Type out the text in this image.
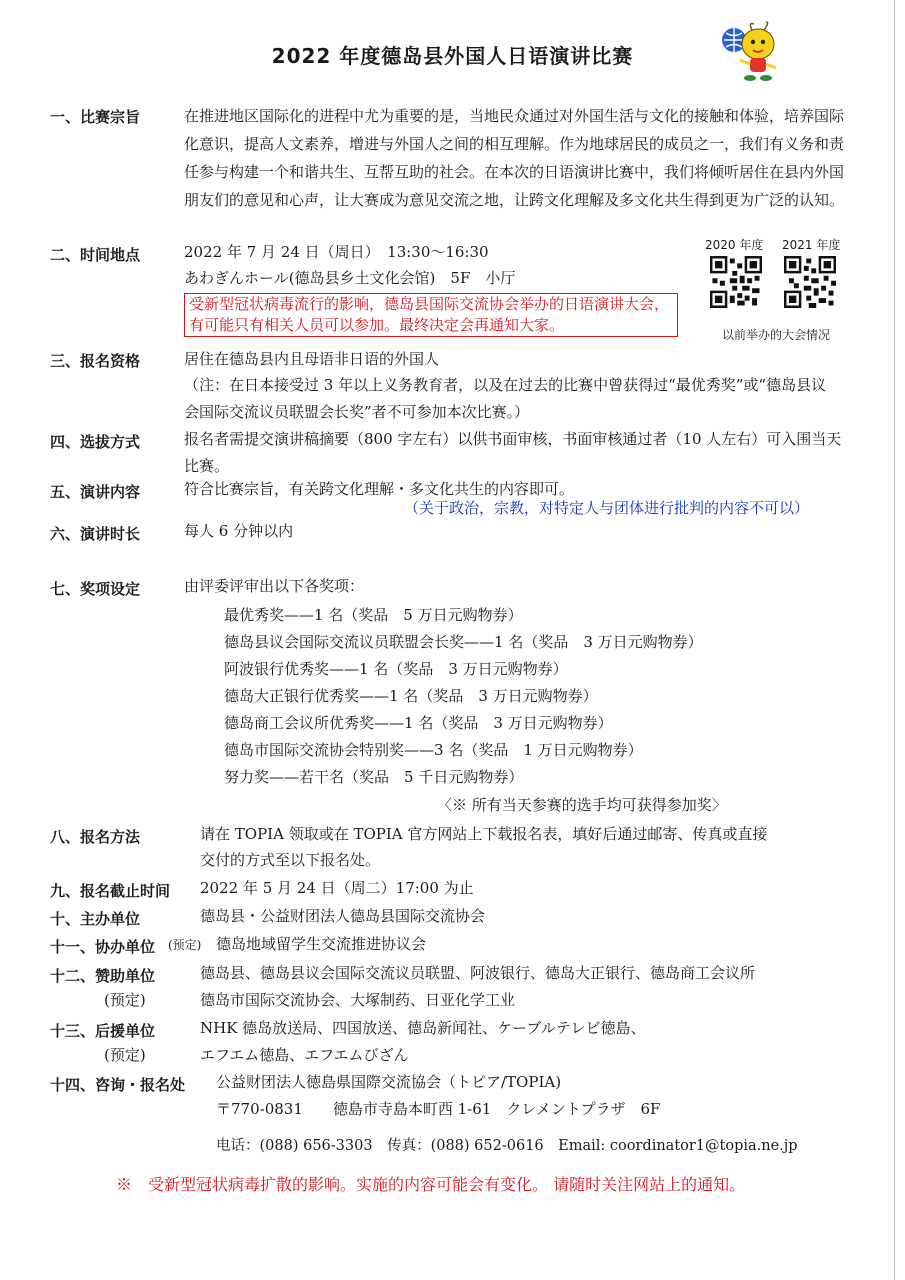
2022 年度德岛县外国人日语演讲比赛
一、比赛宗旨	在推进地区国际化的进程中尤为重要的是，当地民众通过对外国生活与文化的接触和体验，培养国际化意识，提高人文素养，增进与外国人之间的相互理解。作为地球居民的成员之一，我们有义务和责任参与构建一个和谐共生、互帮互助的社会。在本次的日语演讲比赛中，我们将倾听居住在县内外国朋友们的意见和心声，让大赛成为意见交流之地，让跨文化理解及多文化共生得到更为广泛的认知。
二、时间地点	2022 年 7 月 24 日（周日）　13:30～16:30
あわぎんホール(德岛县乡土文化会馆)　5F　小厅
受新型冠状病毒流行的影响，德岛县国际交流协会举办的日语演讲大会，有可能只有相关人员可以参加。最终决定会再通知大家。
2020 年度 2021 年度
以前举办的大会情况
三、报名资格	居住在德岛县内且母语非日语的外国人
（注：在日本接受过 3 年以上义务教育者，以及在过去的比赛中曾获得过“最优秀奖”或“德岛县议会国际交流议员联盟会长奖”者不可参加本次比赛。）
四、选拔方式	报名者需提交演讲稿摘要（800 字左右）以供书面审核，书面审核通过者（10 人左右）可入围当天比赛。
五、演讲内容	符合比赛宗旨，有关跨文化理解・多文化共生的内容即可。
（关于政治，宗教，对特定人与团体进行批判的内容不可以）
六、演讲时长	每人 6 分钟以内
七、奖项设定	由评委评审出以下各奖项：
最优秀奖——1 名（奖品　5 万日元购物券）
德岛县议会国际交流议员联盟会长奖——1 名（奖品　3 万日元购物券）
阿波银行优秀奖——1 名（奖品　3 万日元购物券）
德岛大正银行优秀奖——1 名（奖品　3 万日元购物券）
德岛商工会议所优秀奖——1 名（奖品　3 万日元购物券）
德岛市国际交流协会特别奖——3 名（奖品　1 万日元购物券）
努力奖——若干名（奖品　5 千日元购物券）
〈※ 所有当天参赛的选手均可获得参加奖〉
八、报名方法	请在 TOPIA 领取或在 TOPIA 官方网站上下载报名表，填好后通过邮寄、传真或直接
交付的方式至以下报名处。
九、报名截止时间 2022 年 5 月 24 日（周二）17:00 为止
十、主办单位	德岛县・公益财团法人德岛县国际交流协会
十一、协办单位 (预定) 德岛地域留学生交流推进协议会
十二、赞助单位	德岛县、德岛县议会国际交流议员联盟、阿波银行、德岛大正银行、德岛商工会议所
(预定)	德岛市国际交流协会、大塚制药、日亚化学工业
十三、后援单位	NHK 德岛放送局、四国放送、德岛新闻社、ケーブルテレビ徳島、
(预定)	エフエム徳島、エフエムびざん
十四、咨询・报名处 公益财团法人徳島県国際交流協会（トピア/TOPIA)
〒770-0831　　徳島市寺島本町西 1-61　クレメントプラザ　6F
电话：(088) 656-3303　传真：(088) 652-0616　Email: coordinator1@topia.ne.jp
※　受新型冠状病毒扩散的影响。实施的内容可能会有变化。 请随时关注网站上的通知。
